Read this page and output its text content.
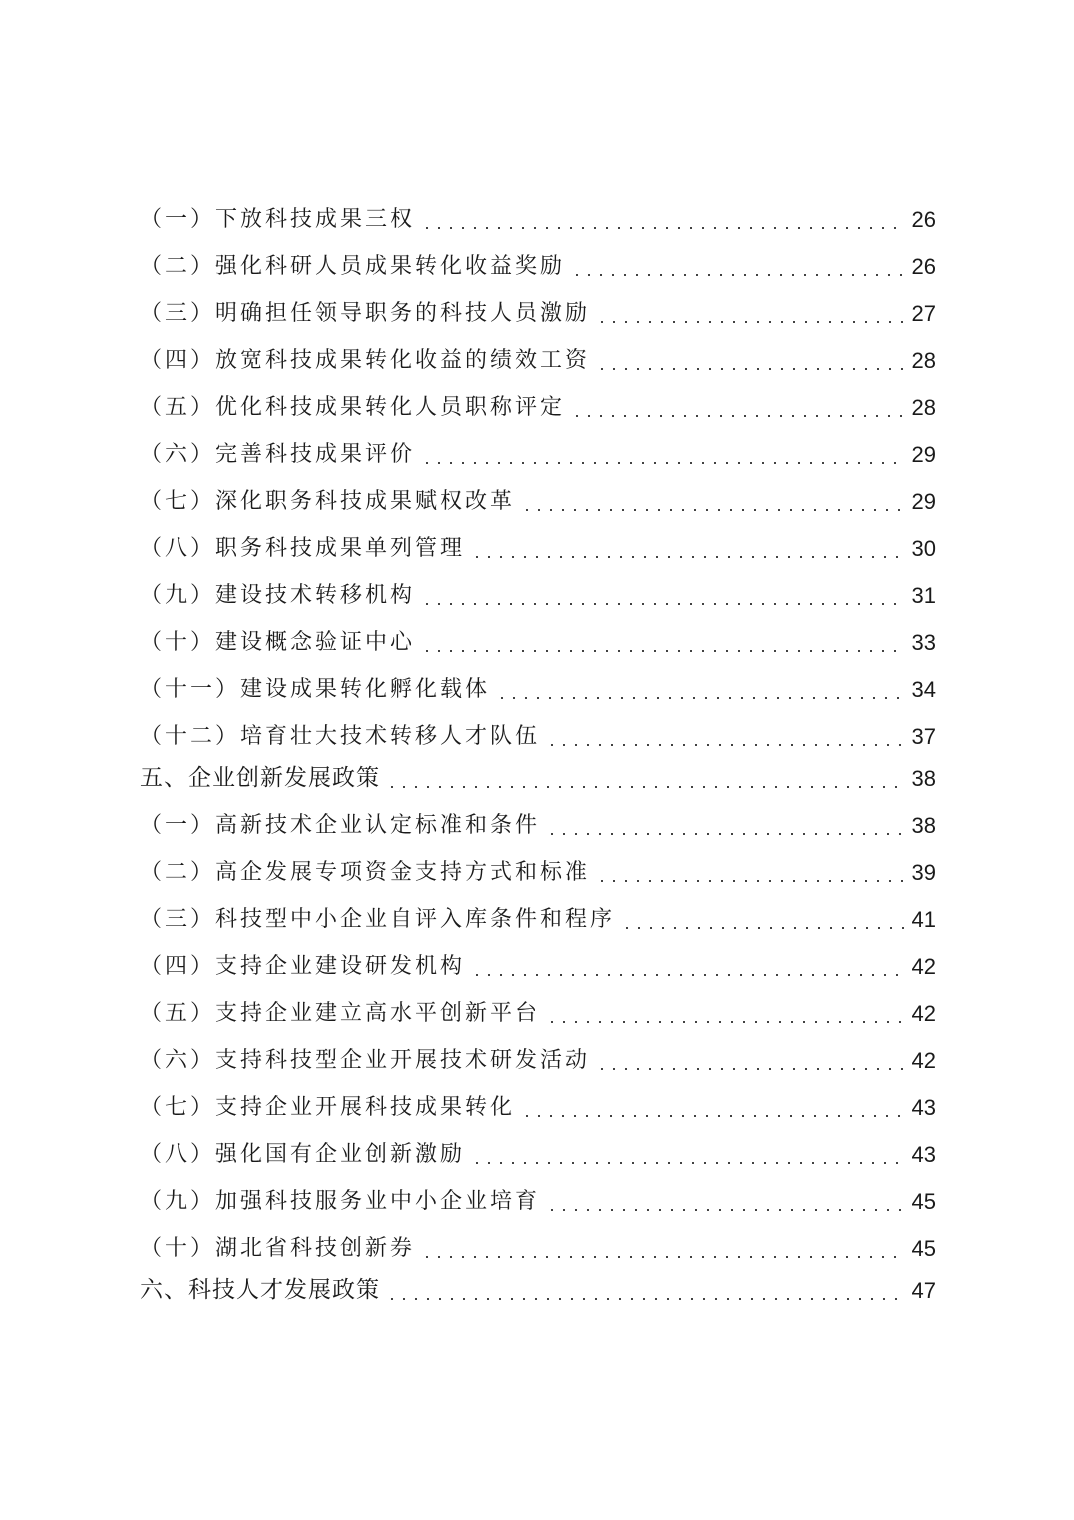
（一）下放科技成果三权	26
（二）强化科研人员成果转化收益奖励	26
（三）明确担任领导职务的科技人员激励	27
（四）放宽科技成果转化收益的绩效工资	28
（五）优化科技成果转化人员职称评定	28
（六）完善科技成果评价	29
（七）深化职务科技成果赋权改革	29
（八）职务科技成果单列管理	30
（九）建设技术转移机构	31
（十）建设概念验证中心	33
（十一）建设成果转化孵化载体	34
（十二）培育壮大技术转移人才队伍	37
五、企业创新发展政策	38
（一）高新技术企业认定标准和条件	38
（二）高企发展专项资金支持方式和标准	39
（三）科技型中小企业自评入库条件和程序	41
（四）支持企业建设研发机构	42
（五）支持企业建立高水平创新平台	42
（六）支持科技型企业开展技术研发活动	42
（七）支持企业开展科技成果转化	43
（八）强化国有企业创新激励	43
（九）加强科技服务业中小企业培育	45
（十）湖北省科技创新券	45
六、科技人才发展政策	47
